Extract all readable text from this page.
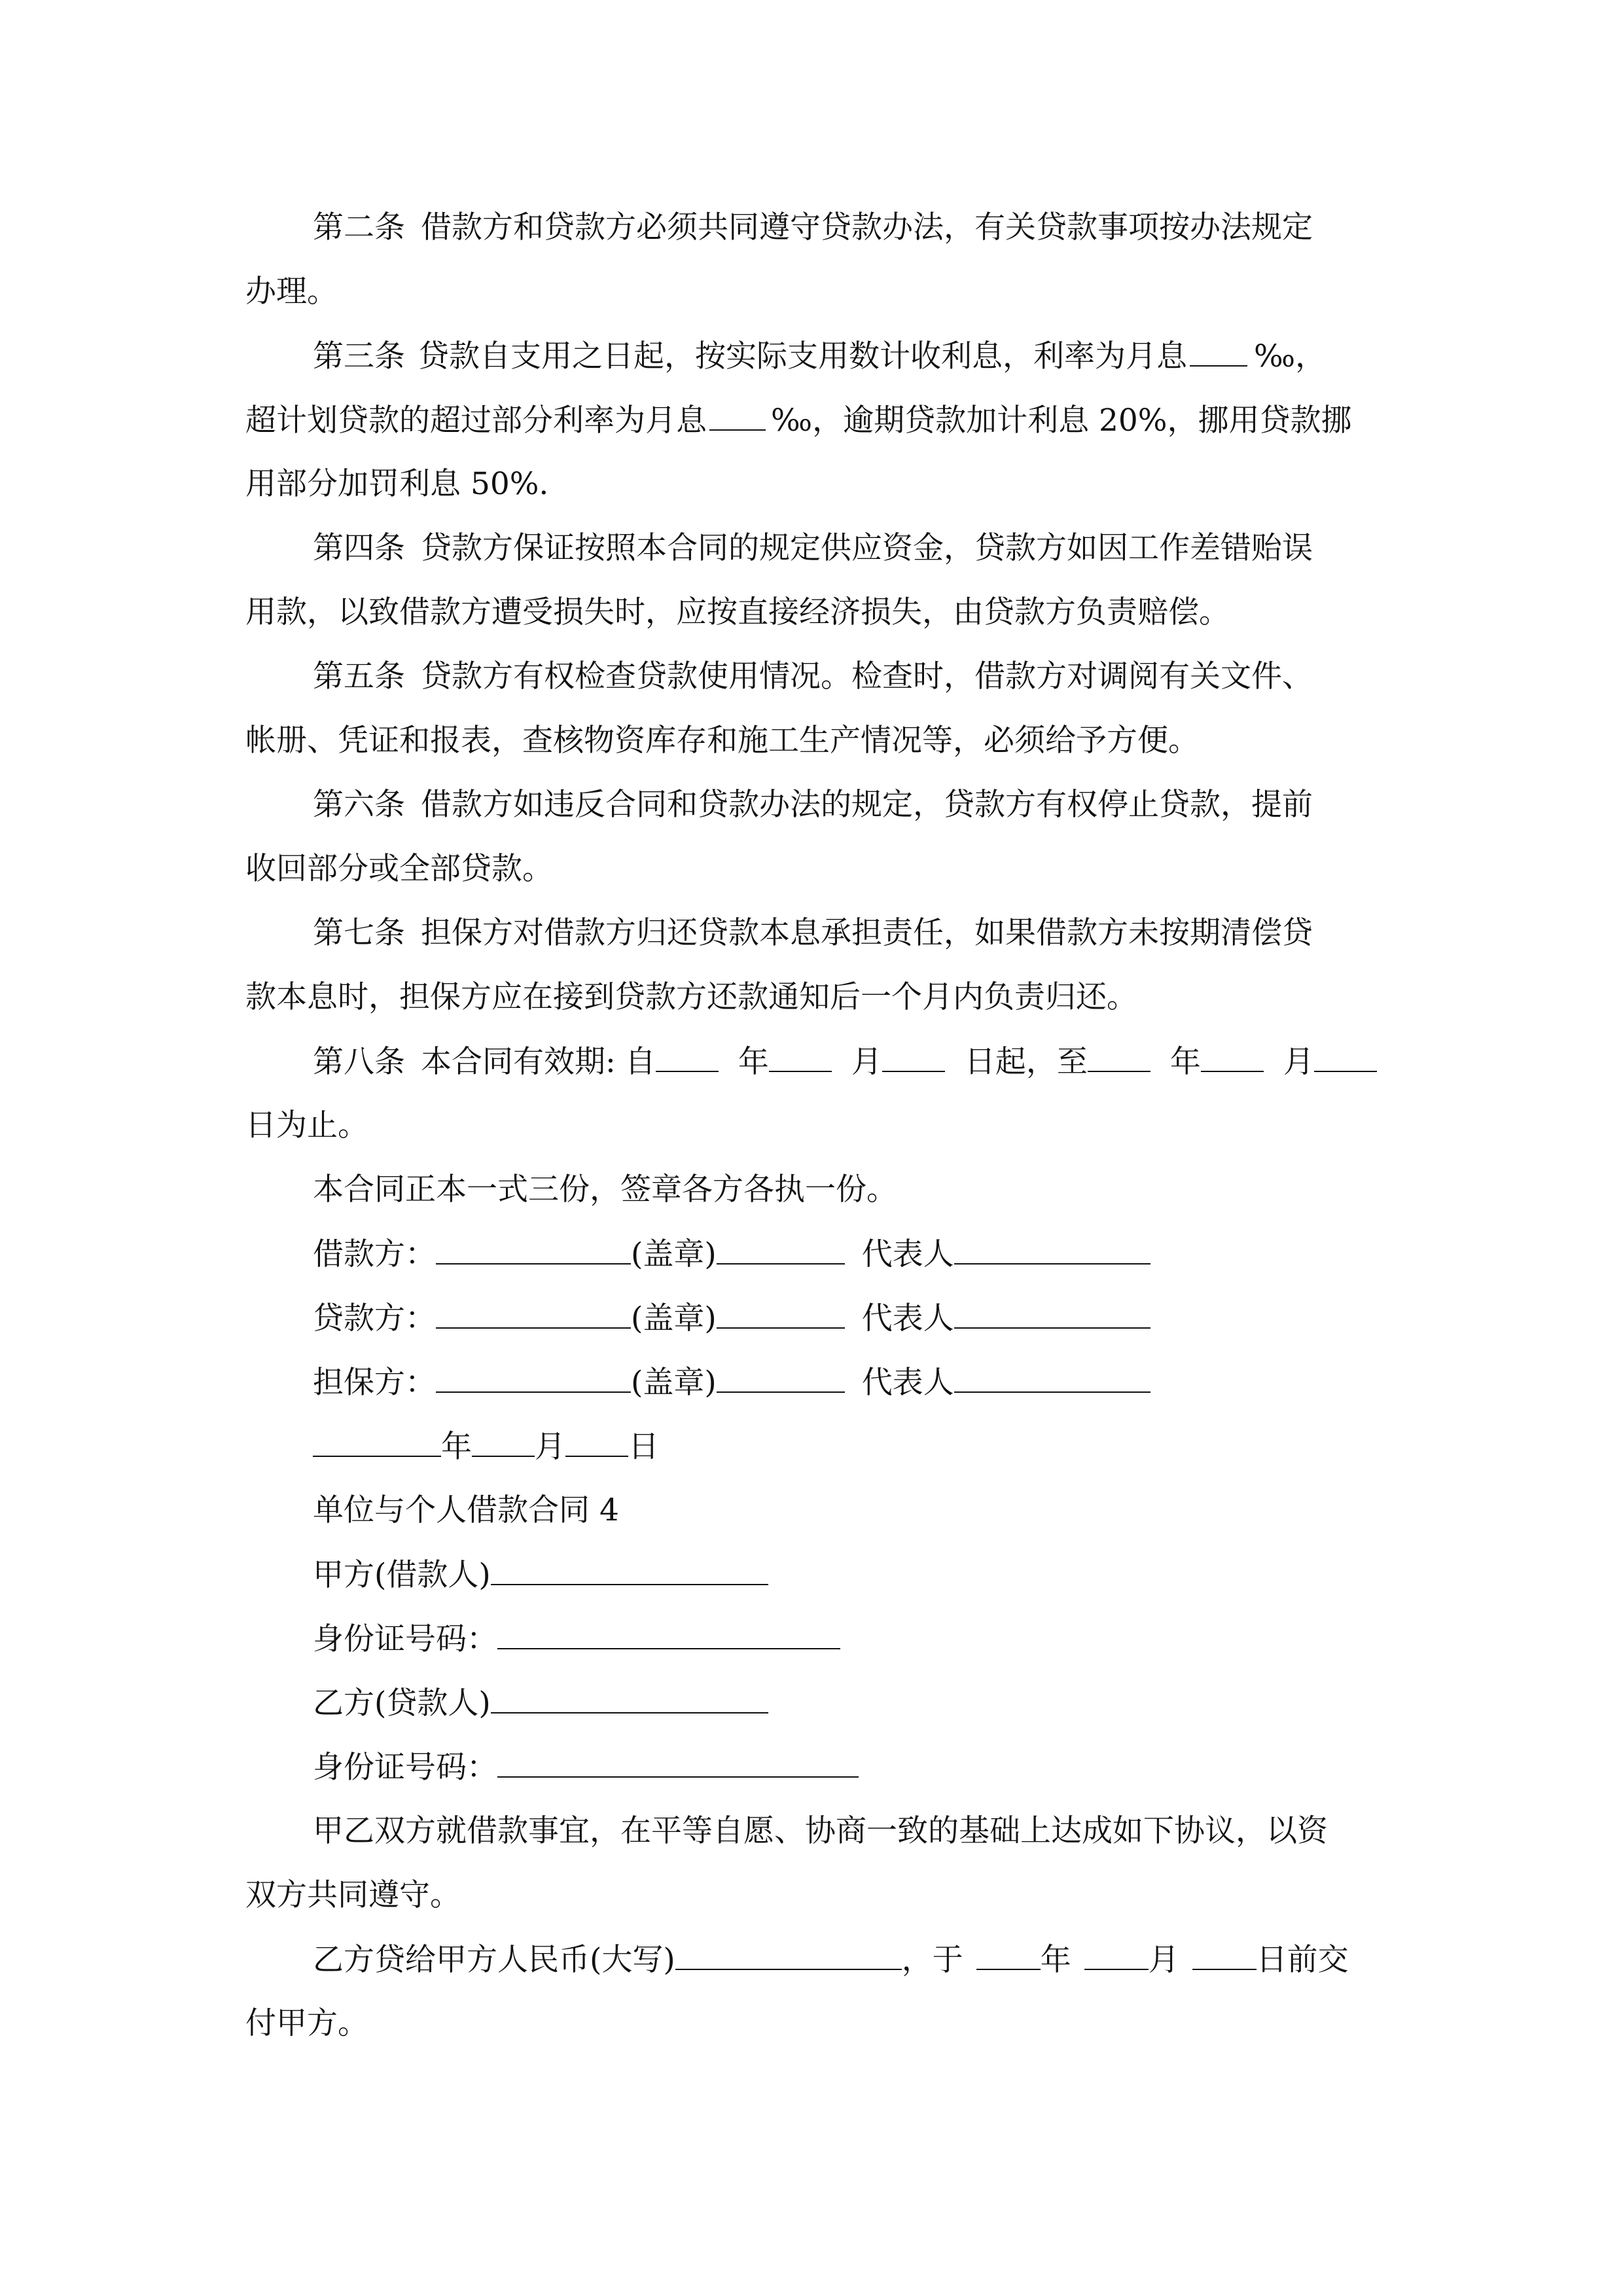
第二条 借款方和贷款方必须共同遵守贷款办法，有关贷款事项按办法规定
办理。
第三条 贷款自支用之日起，按实际支用数计收利息，利率为月息 ‰，
超计划贷款的超过部分利率为月息 ‰，逾期贷款加计利息 20%，挪用贷款挪
用部分加罚利息 50%.
第四条 贷款方保证按照本合同的规定供应资金，贷款方如因工作差错贻误
用款，以致借款方遭受损失时，应按直接经济损失，由贷款方负责赔偿。
第五条 贷款方有权检查贷款使用情况。检查时，借款方对调阅有关文件、
帐册、凭证和报表，查核物资库存和施工生产情况等，必须给予方便。
第六条 借款方如违反合同和贷款办法的规定，贷款方有权停止贷款，提前
收回部分或全部贷款。
第七条 担保方对借款方归还贷款本息承担责任，如果借款方未按期清偿贷
款本息时，担保方应在接到贷款方还款通知后一个月内负责归还。
第八条 本合同有效期: 自	年	月	日起，至	年	月
日为止。
本合同正本一式三份，签章各方各执一份。
借款方：	(盖章)	代表人
贷款方：	(盖章)	代表人
担保方：	(盖章)	代表人
年 月 日
单位与个人借款合同 4
甲方(借款人)
身份证号码：
乙方(贷款人)
身份证号码：
甲乙双方就借款事宜，在平等自愿、协商一致的基础上达成如下协议，以资
双方共同遵守。
乙方贷给甲方人民币(大写)	，于	年	月	日前交
付甲方。
